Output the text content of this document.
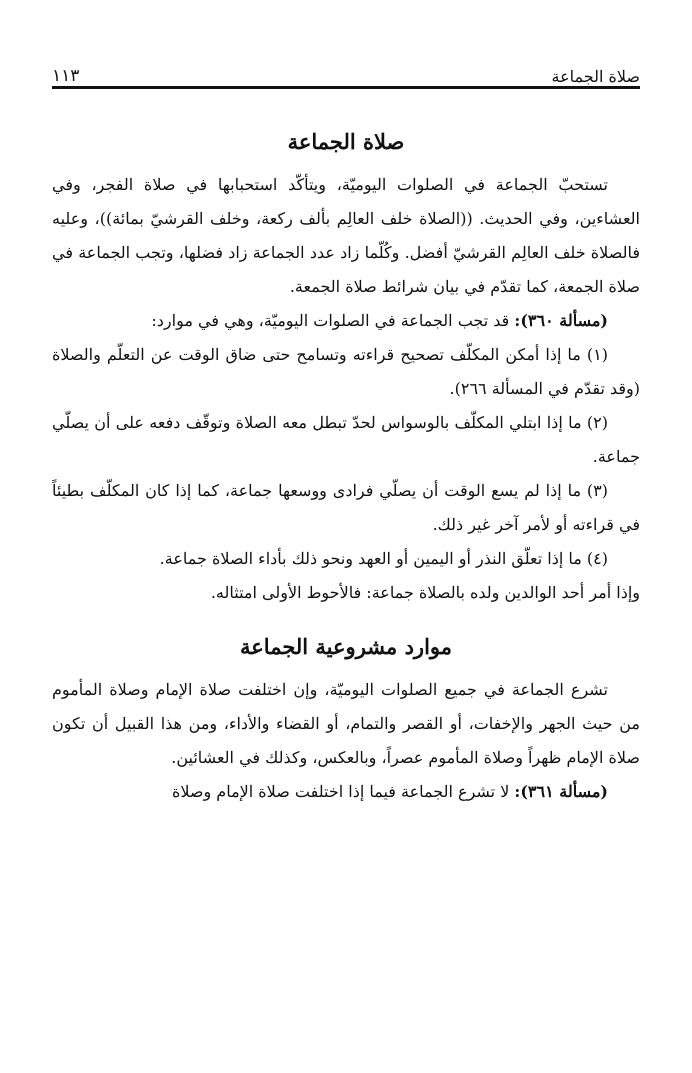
صلاة الجماعة
١١٣
صلاة الجماعة

تستحبّ الجماعة في الصلوات اليوميّة، ويتأكّد استحبابها في صلاة الفجر، وفي العشاءين، وفي الحديث. ((الصلاة خلف العالِم بألف ركعة، وخلف القرشيّ بمائة))، وعليه فالصلاة خلف العالِم القرشيّ أفضل. وكُلّما زاد عدد الجماعة زاد فضلها، وتجب الجماعة في صلاة الجمعة، كما تقدّم في بيان شرائط صلاة الجمعة.

(مسألة ٣٦٠): قد تجب الجماعة في الصلوات اليوميّة، وهي في موارد:

(١) ما إذا أمكن المكلّف تصحيح قراءته وتسامح حتى ضاق الوقت عن التعلّم والصلاة (وقد تقدّم في المسألة ٢٦٦).

(٢) ما إذا ابتلي المكلّف بالوسواس لحدّ تبطل معه الصلاة وتوقّف دفعه على أن يصلّي جماعة.

(٣) ما إذا لم يسع الوقت أن يصلّي فرادى ووسعها جماعة، كما إذا كان المكلّف بطيئاً في قراءته أو لأمر آخر غير ذلك.

(٤) ما إذا تعلّق النذر أو اليمين أو العهد ونحو ذلك بأداء الصلاة جماعة.

وإذا أمر أحد الوالدين ولده بالصلاة جماعة: فالأحوط الأولى امتثاله.

موارد مشروعية الجماعة

تشرع الجماعة في جميع الصلوات اليوميّة، وإن اختلفت صلاة الإمام وصلاة المأموم من حيث الجهر والإخفات، أو القصر والتمام، أو القضاء والأداء، ومن هذا القبيل أن تكون صلاة الإمام ظهراً وصلاة المأموم عصراً، وبالعكس، وكذلك في العشائين.

(مسألة ٣٦١): لا تشرع الجماعة فيما إذا اختلفت صلاة الإمام وصلاة
